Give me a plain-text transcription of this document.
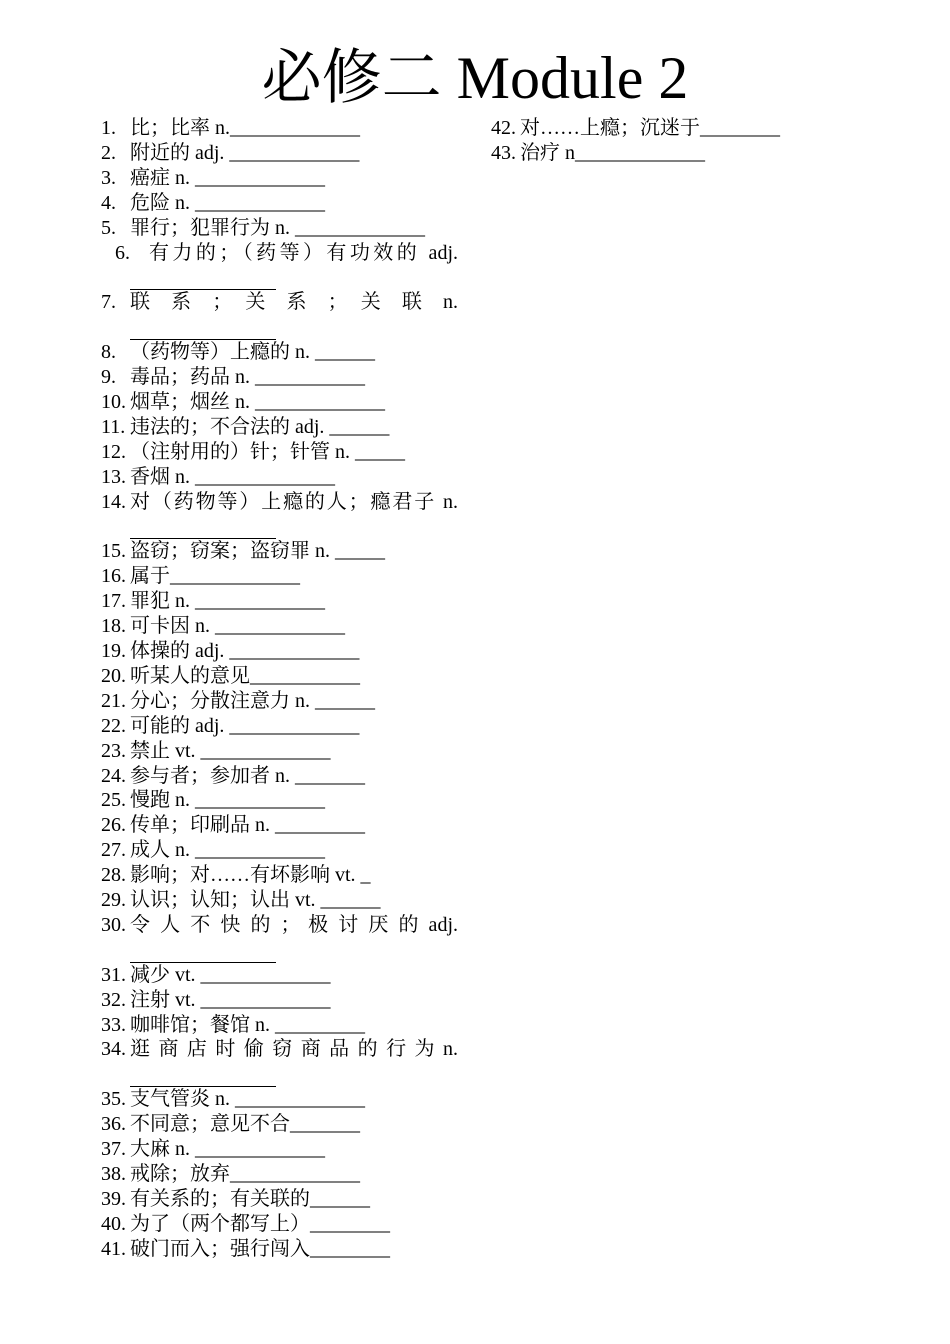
必修二 Module 2
1. 比；比率 n._____________
2. 附近的 adj. _____________
3. 癌症 n. _____________
4. 危险 n. _____________
5. 罪行；犯罪行为 n. _____________
6. 有力的；（药等）有功效的 adj.
7. 联 系 ； 关 系 ； 关 联 n.
8. （药物等）上瘾的 n. ______
9. 毒品；药品 n. ___________
10. 烟草；烟丝 n. _____________
11. 违法的；不合法的 adj. ______
12. （注射用的）针；针管 n. _____
13. 香烟 n. ______________
14. 对（药物等）上瘾的人；瘾君子 n.
15. 盗窃；窃案；盗窃罪 n. _____
16. 属于_____________
17. 罪犯 n. _____________
18. 可卡因 n. _____________
19. 体操的 adj. _____________
20. 听某人的意见___________
21. 分心；分散注意力 n. ______
22. 可能的 adj. _____________
23. 禁止 vt. _____________
24. 参与者；参加者 n. _______
25. 慢跑 n. _____________
26. 传单；印刷品 n. _________
27. 成人 n. _____________
28. 影响；对……有坏影响 vt. _
29. 认识；认知；认出 vt. ______
30. 令 人 不 快 的 ； 极 讨 厌 的 adj.
31. 减少 vt. _____________
32. 注射 vt. _____________
33. 咖啡馆；餐馆 n. _________
34. 逛 商 店 时 偷 窃 商 品 的 行 为 n.
35. 支气管炎 n. _____________
36. 不同意；意见不合_______
37. 大麻 n. _____________
38. 戒除；放弃_____________
39. 有关系的；有关联的______
40. 为了（两个都写上）________
41. 破门而入；强行闯入________
42. 对……上瘾；沉迷于________
43. 治疗 n_____________
